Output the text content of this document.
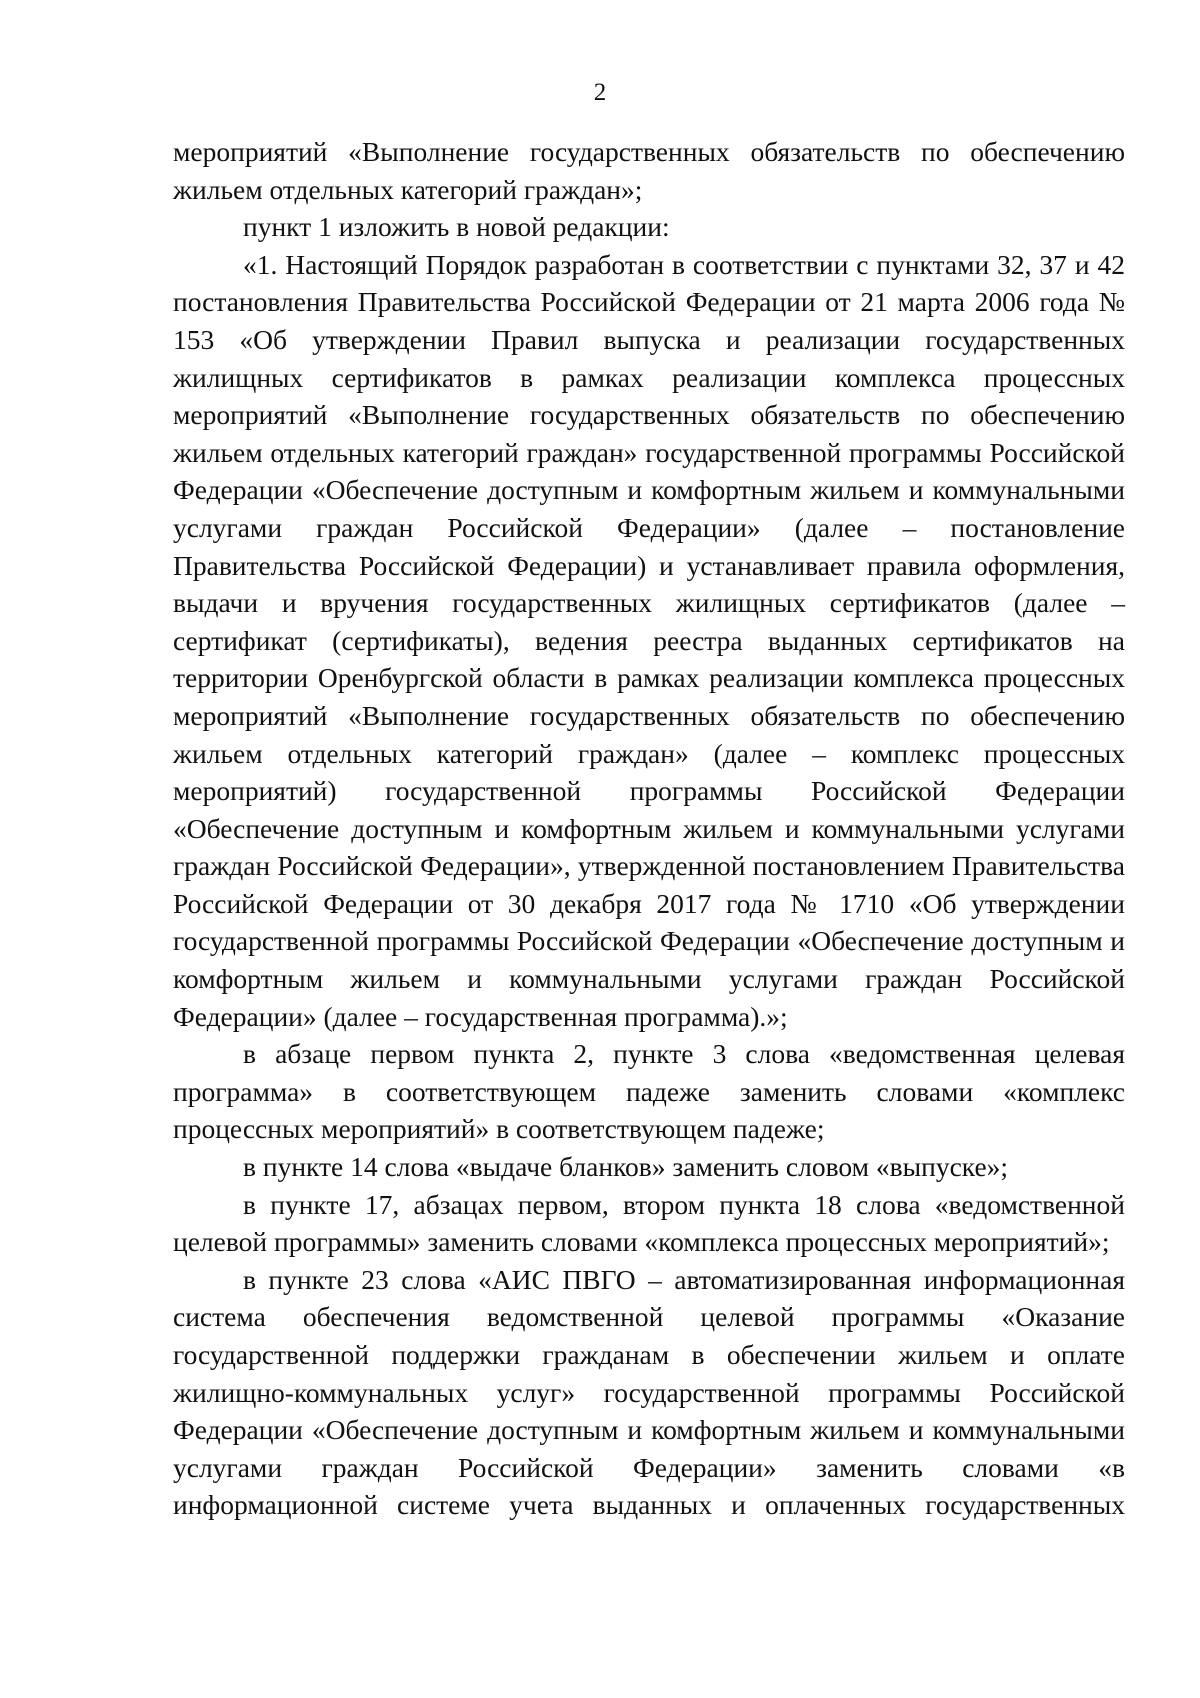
2

мероприятий «Выполнение государственных обязательств по обеспечению жильем отдельных категорий граждан»;

пункт 1 изложить в новой редакции:

«1. Настоящий Порядок разработан в соответствии с пунктами 32, 37 и 42 постановления Правительства Российской Федерации от 21 марта 2006 года № 153 «Об утверждении Правил выпуска и реализации государственных жилищных сертификатов в рамках реализации комплекса процессных мероприятий «Выполнение государственных обязательств по обеспечению жильем отдельных категорий граждан» государственной программы Российской Федерации «Обеспечение доступным и комфортным жильем и коммунальными услугами граждан Российской Федерации» (далее – постановление Правительства Российской Федерации) и устанавливает правила оформления, выдачи и вручения государственных жилищных сертификатов (далее – сертификат (сертификаты), ведения реестра выданных сертификатов на территории Оренбургской области в рамках реализации комплекса процессных мероприятий «Выполнение государственных обязательств по обеспечению жильем отдельных категорий граждан» (далее – комплекс процессных мероприятий) государственной программы Российской Федерации «Обеспечение доступным и комфортным жильем и коммунальными услугами граждан Российской Федерации», утвержденной постановлением Правительства Российской Федерации от 30 декабря 2017 года № 1710 «Об утверждении государственной программы Российской Федерации «Обеспечение доступным и комфортным жильем и коммунальными услугами граждан Российской Федерации» (далее – государственная программа).»;

в абзаце первом пункта 2, пункте 3 слова «ведомственная целевая программа» в соответствующем падеже заменить словами «комплекс процессных мероприятий» в соответствующем падеже;

в пункте 14 слова «выдаче бланков» заменить словом «выпуске»;

в пункте 17, абзацах первом, втором пункта 18 слова «ведомственной целевой программы» заменить словами «комплекса процессных мероприятий»;

в пункте 23 слова «АИС ПВГО – автоматизированная информационная система обеспечения ведомственной целевой программы «Оказание государственной поддержки гражданам в обеспечении жильем и оплате жилищно-коммунальных услуг» государственной программы Российской Федерации «Обеспечение доступным и комфортным жильем и коммунальными услугами граждан Российской Федерации» заменить словами «в информационной системе учета выданных и оплаченных государственных
